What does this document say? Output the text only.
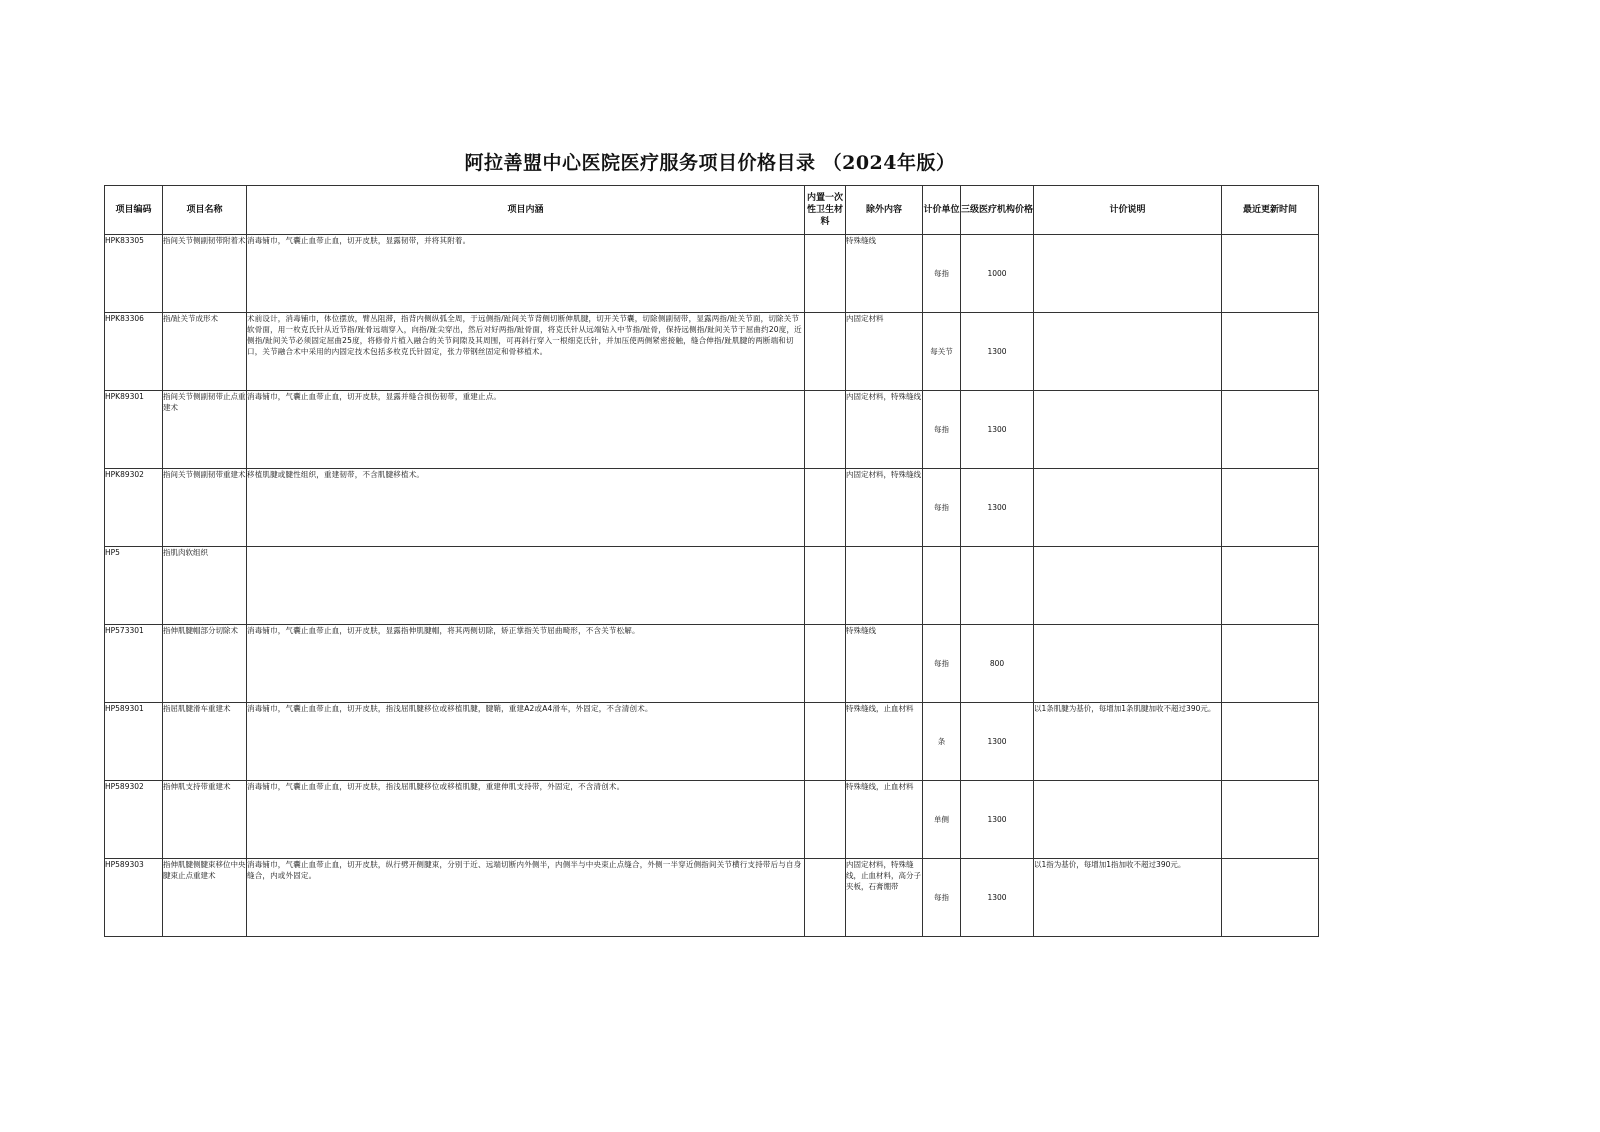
阿拉善盟中心医院医疗服务项目价格目录 （2024年版）
项目编码	项目名称	项目内涵	内置一次性卫生材料	除外内容	计价单位	三级医疗机构价格	计价说明	最近更新时间
HPK83305	指间关节侧副韧带附着术	消毒铺巾，气囊止血带止血，切开皮肤，显露韧带，并将其附着。		特殊缝线	每指	1000		
HPK83306	指/趾关节成形术	术前设计，消毒铺巾，体位摆放，臂丛阻滞，指背内侧纵弧全周，于远侧指/趾间关节背侧切断伸肌腱，切开关节囊，切除侧副韧带，显露两指/趾关节面，切除关节软骨面，用一枚克氏针从近节指/趾骨远端穿入，向指/趾尖穿出，然后对好两指/趾骨面，将克氏针从远端钻入中节指/趾骨，保持远侧指/趾间关节于屈曲约20度，近侧指/趾间关节必须固定屈曲25度，将修骨片植入融合的关节间隙及其周围，可再斜行穿入一根细克氏针，并加压使两侧紧密接触，缝合伸指/趾肌腱的两断端和切口，关节融合术中采用的内固定技术包括多枚克氏针固定，张力带钢丝固定和骨移植术。		内固定材料	每关节	1300		
HPK89301	指间关节侧副韧带止点重建术	消毒铺巾，气囊止血带止血，切开皮肤，显露并缝合损伤韧带，重建止点。		内固定材料，特殊缝线	每指	1300		
HPK89302	指间关节侧副韧带重建术	移植肌腱或腱性组织，重建韧带，不含肌腱移植术。		内固定材料，特殊缝线	每指	1300		
HP5	指肌肉软组织							
HP573301	指伸肌腱帽部分切除术	消毒铺巾，气囊止血带止血，切开皮肤，显露指伸肌腱帽，将其两侧切除，矫正掌指关节屈曲畸形，不含关节松解。		特殊缝线	每指	800		
HP589301	指屈肌腱滑车重建术	消毒铺巾，气囊止血带止血，切开皮肤，指浅屈肌腱移位或移植肌腱，腱鞘，重建A2或A4滑车，外固定，不含清创术。		特殊缝线，止血材料	条	1300	以1条肌腱为基价，每增加1条肌腱加收不超过390元。	
HP589302	指伸肌支持带重建术	消毒铺巾，气囊止血带止血，切开皮肤，指浅屈肌腱移位或移植肌腱，重建伸肌支持带，外固定，不含清创术。		特殊缝线，止血材料	单侧	1300		
HP589303	指伸肌腱侧腱束移位中央腱束止点重建术	消毒铺巾，气囊止血带止血，切开皮肤，纵行劈开侧腱束，分别于近、远端切断内外侧半，内侧半与中央束止点缝合，外侧一半穿近侧指间关节横行支持带后与自身缝合，内或外固定。		内固定材料，特殊缝线，止血材料，高分子夹板，石膏绷带	每指	1300	以1指为基价，每增加1指加收不超过390元。	
